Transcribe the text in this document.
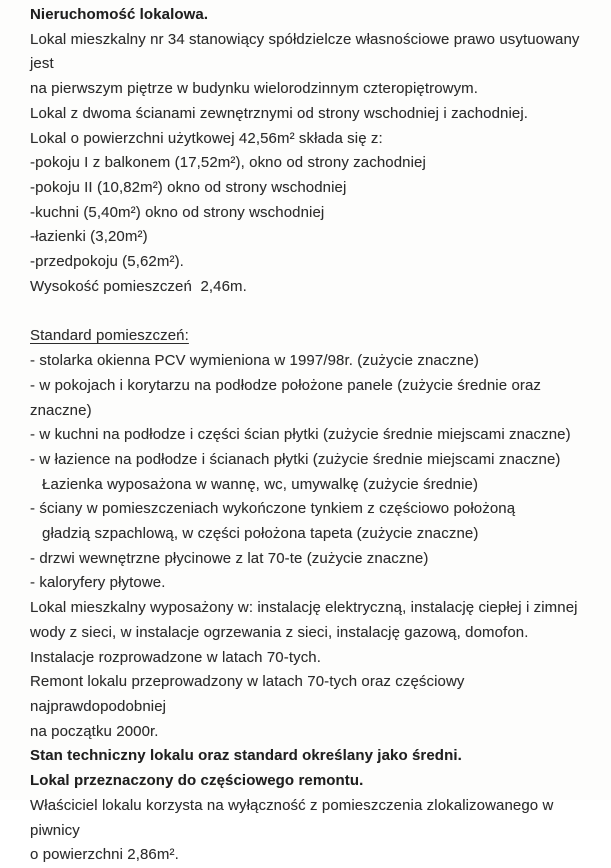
Nieruchomość lokalowa.

Lokal mieszkalny nr 34 stanowiący spółdzielcze własnościowe prawo usytuowany jest

na pierwszym piętrze w budynku wielorodzinnym czteropiętrowym.

Lokal z dwoma ścianami zewnętrznymi od strony wschodniej i zachodniej.

Lokal o powierzchni użytkowej 42,56m² składa się z:

-pokoju I z balkonem (17,52m²), okno od strony zachodniej

-pokoju II (10,82m²) okno od strony wschodniej

-kuchni (5,40m²) okno od strony wschodniej

-łazienki (3,20m²)

-przedpokoju (5,62m²).

Wysokość pomieszczeń  2,46m.

Standard pomieszczeń:

- stolarka okienna PCV wymieniona w 1997/98r. (zużycie znaczne)

- w pokojach i korytarzu na podłodze położone panele (zużycie średnie oraz znaczne)

- w kuchni na podłodze i części ścian płytki (zużycie średnie miejscami znaczne)

- w łazience na podłodze i ścianach płytki (zużycie średnie miejscami znaczne)

Łazienka wyposażona w wannę, wc, umywalkę (zużycie średnie)

- ściany w pomieszczeniach wykończone tynkiem z częściowo położoną

gładzią szpachlową, w części położona tapeta (zużycie znaczne)

- drzwi wewnętrzne płycinowe z lat 70-te (zużycie znaczne)

- kaloryfery płytowe.

Lokal mieszkalny wyposażony w: instalację elektryczną, instalację ciepłej i zimnej

wody z sieci, w instalacje ogrzewania z sieci, instalację gazową, domofon.

Instalacje rozprowadzone w latach 70-tych.

Remont lokalu przeprowadzony w latach 70-tych oraz częściowy najprawdopodobniej

na początku 2000r.

Stan techniczny lokalu oraz standard określany jako średni.

Lokal przeznaczony do częściowego remontu.

Właściciel lokalu korzysta na wyłączność z pomieszczenia zlokalizowanego w piwnicy

o powierzchni 2,86m².
